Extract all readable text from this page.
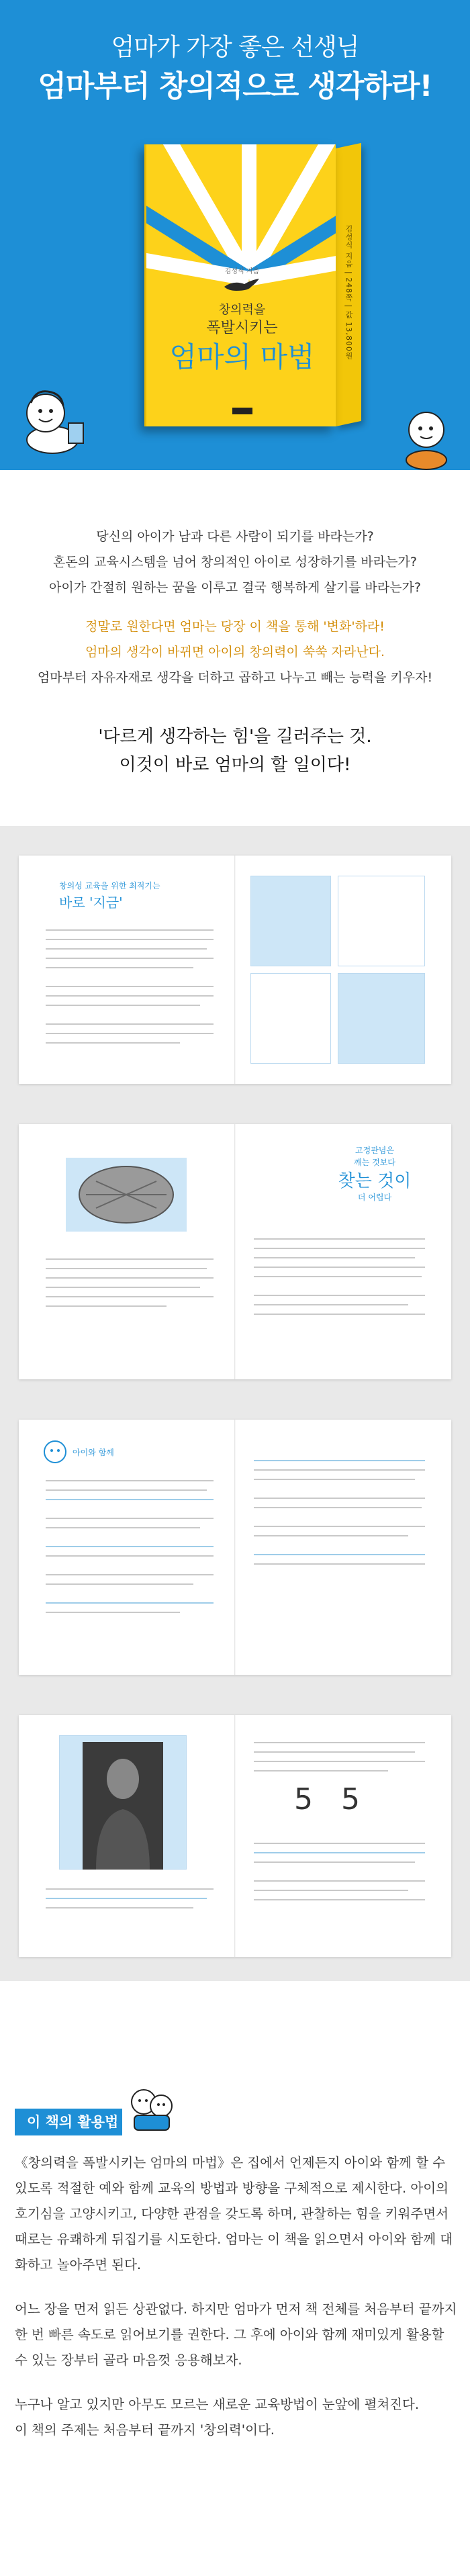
엄마가 가장 좋은 선생님
엄마부터 창의적으로 생각하라!
김성식 지음 | 248쪽 | 값 13,800원
김성식 지음
창의력을
폭발시키는
엄마의 마법
당신의 아이가 남과 다른 사람이 되기를 바라는가?
혼돈의 교육시스템을 넘어 창의적인 아이로 성장하기를 바라는가?
아이가 간절히 원하는 꿈을 이루고 결국 행복하게 살기를 바라는가?
정말로 원한다면 엄마는 당장 이 책을 통해 '변화'하라!
엄마의 생각이 바뀌면 아이의 창의력이 쑥쑥 자라난다.
엄마부터 자유자재로 생각을 더하고 곱하고 나누고 빼는 능력을 키우자!
'다르게 생각하는 힘'을 길러주는 것.
이것이 바로 엄마의 할 일이다!
창의성 교육을 위한 최적기는
바로 '지금'
고정관념은
깨는 것보다
찾는 것이
더 어렵다
아이와 함께
5 5
이 책의 활용법
《창의력을 폭발시키는 엄마의 마법》은 집에서 언제든지 아이와 함께 할 수 있도록 적절한 예와 함께 교육의 방법과 방향을 구체적으로 제시한다. 아이의 호기심을 고양시키고, 다양한 관점을 갖도록 하며, 관찰하는 힘을 키워주면서 때로는 유쾌하게 뒤집기를 시도한다. 엄마는 이 책을 읽으면서 아이와 함께 대화하고 놀아주면 된다.
어느 장을 먼저 읽든 상관없다. 하지만 엄마가 먼저 책 전체를 처음부터 끝까지 한 번 빠른 속도로 읽어보기를 권한다. 그 후에 아이와 함께 재미있게 활용할 수 있는 장부터 골라 마음껏 응용해보자.
누구나 알고 있지만 아무도 모르는 새로운 교육방법이 눈앞에 펼쳐진다.
이 책의 주제는 처음부터 끝까지 '창의력'이다.
